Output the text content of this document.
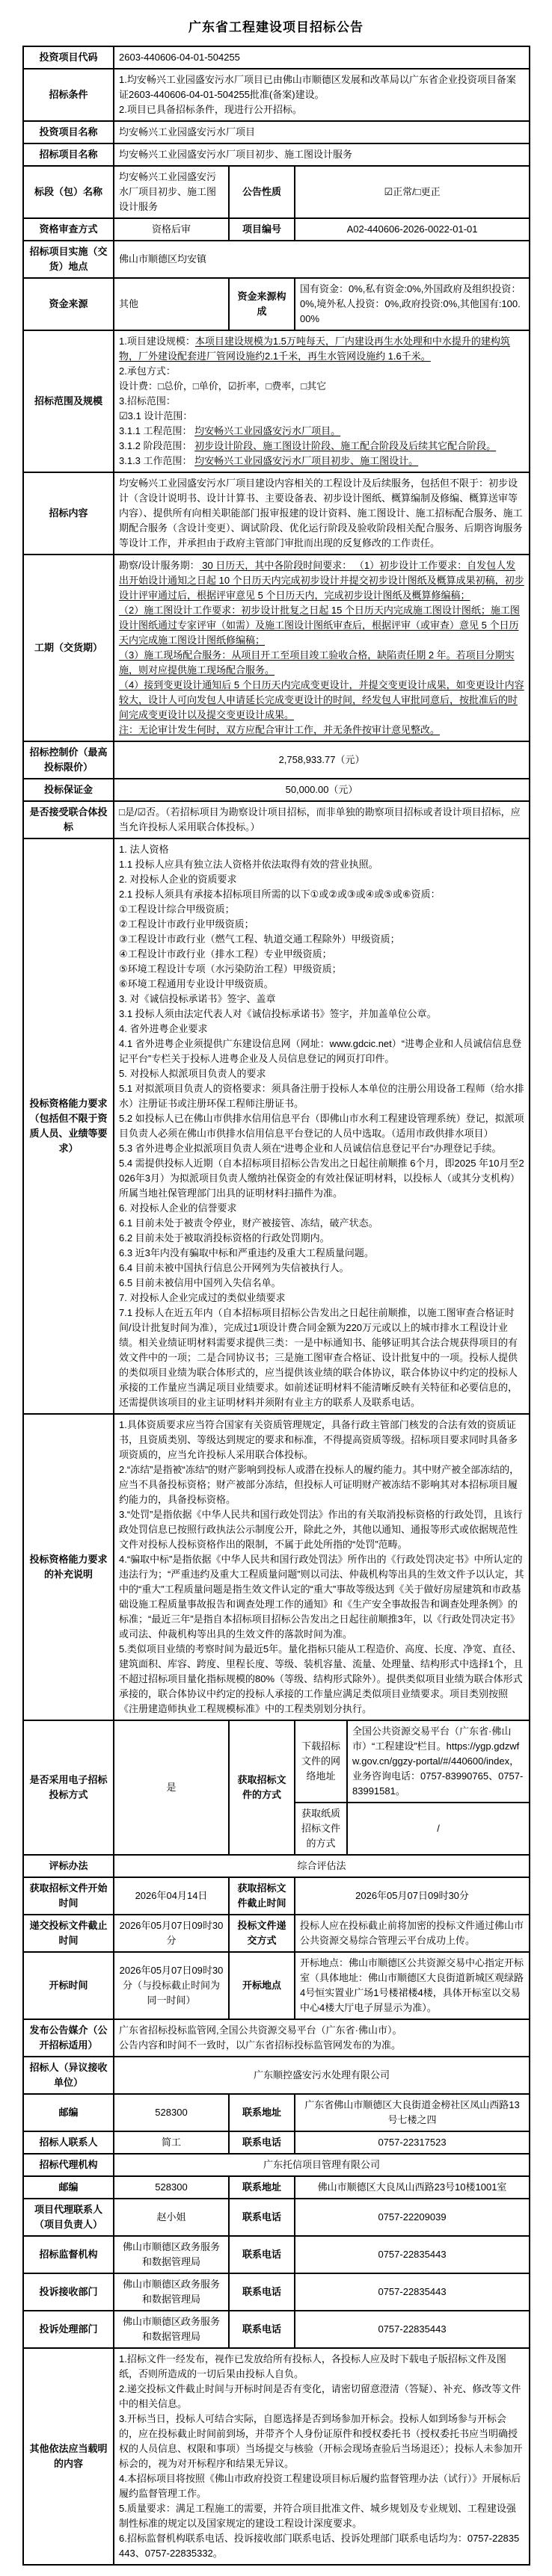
广东省工程建设项目招标公告
投资项目代码	2603-440606-04-01-504255			
招标条件	1.均安畅兴工业园盛安污水厂项目已由佛山市顺德区发展和改革局以广东省企业投资项目备案证2603-440606-04-01-504255批准(备案)建设。
2.项目已具备招标条件，现进行公开招标。			

投资项目名称	均安畅兴工业园盛安污水厂项目			
招标项目名称	均安畅兴工业园盛安污水厂项目初步、施工图设计服务			
标段（包）名称	均安畅兴工业园盛安污水厂项目初步、施工图设计服务	公告性质	☑正常/□更正	
资格审查方式	资格后审	项目编号	A02-440606-2026-0022-01-01	
招标项目实施（交货）地点	佛山市顺德区均安镇			
资金来源	其他	资金来源构成	国有资金：0%,私有资金:0%,外国政府及组织投资：0%,境外私人投资：0%,政府投资:0%,其他国有:100.00%	
招标范围及规模	
1.项目建设规模：本项目建设规模为1.5万吨每天，厂内建设再生水处理和中水提升的建构筑物，厂外建设配套进厂管网设施约2.1千米，再生水管网设施约 1.6千米。
2.承包方式：
设计费：□总价，□单价，☑折率，□费率，□其它
3.招标范围：
☑3.1 设计范围：
3.1.1 工程范围： 均安畅兴工业园盛安污水厂项目。
3.1.2 阶段范围： 初步设计阶段、施工图设计阶段、施工配合阶段及后续其它配合阶段。
3.1.3 工作范围： 均安畅兴工业园盛安污水厂项目初步、施工图设计。

招标内容	均安畅兴工业园盛安污水厂项目建设内容相关的工程设计及后续服务，包括但不限于：初步设计（含设计说明书、设计计算书、主要设备表、初步设计图纸、概算编制及修编、概算送审等内容）、提供所有向相关职能部门报审报建的设计资料、施工图设计、施工招标配合服务、施工期配合服务（含设计变更）、调试阶段、优化运行阶段及验收阶段相关配合服务、后期咨询服务等设计工作，并承担由于政府主管部门审批而出现的反复修改的工作责任。			

工期（交货期）	勘察/设计服务期： 30 日历天，其中各阶段时间要求： （1）初步设计工作要求：自发包人发出开始设计通知之日起 10 个日历天内完成初步设计并提交初步设计图纸及概算成果初稿，初步设计评审通过后，根据评审意见 5 个日历天内，完成初步设计图纸及概算修编稿；
（2）施工图设计工作要求：初步设计批复之日起 15 个日历天内完成施工图设计图纸；施工图设计图纸通过专家评审（如需）及施工图设计图纸审查后，根据评审（或审查）意见 5 个日历天内完成施工图设计图纸修编稿；
（3）施工现场配合服务：从项目开工至项目竣工验收合格，缺陷责任期 2 年。若项目分期实施，则对应提供施工现场配合服务。
（4）接到变更设计通知后 5 个日历天内完成变更设计，并提交变更设计成果，如变更设计内容较大，设计人可向发包人申请延长完成变更设计的时间，经发包人审批同意后，按批准后的时间完成变更设计以及提交变更设计成果。
注：无论审计发生何时，双方应配合审计工作，并无条件按审计意见整改。			

招标控制价（最高投标限价）	2,758,933.77（元）			
投标保证金	50,000.00（元）			
是否接受联合体投标	□是/☑否。（若招标项目为勘察设计项目招标，而非单独的勘察项目招标或者设计项目招标，应当允许投标人采用联合体投标。）			
投标资格能力要求（包括但不限于资质人员、业绩等要求）	
1. 法人资格
1.1 投标人应具有独立法人资格并依法取得有效的营业执照。
2. 对投标人企业的资质要求
2.1 投标人须具有承接本招标项目所需的以下①或②或③或④或⑤或⑥资质：
①工程设计综合甲级资质；
②工程设计市政行业甲级资质；
③工程设计市政行业（燃气工程、轨道交通工程除外）甲级资质；
④工程设计市政行业（排水工程）专业甲级资质；
⑤环境工程设计专项（水污染防治工程）甲级资质；
⑥环境工程通用专业设计甲级资质。
3. 对《诚信投标承诺书》签字、盖章
3.1 投标人须由法定代表人对《诚信投标承诺书》签字，并加盖单位公章。
4. 省外进粤企业要求
4.1 省外进粤企业须提供广东建设信息网（网址：www.gdcic.net）“进粤企业和人员诚信信息登记平台”专栏关于投标人进粤企业及人员信息登记的网页打印件。
5. 对投标人拟派项目负责人的要求
5.1 对拟派项目负责人的资格要求：须具备注册于投标人本单位的注册公用设备工程师（给水排水）注册证书或注册环保工程师注册证书。
5.2 如投标人已在佛山市供排水信用信息平台（即佛山市水利工程建设管理系统）登记，拟派项目负责人必须在佛山市供排水信用信息平台登记的人员中选取。（适用市政供排水项目）
5.3 省外进粤企业拟派项目负责人须在“进粤企业和人员诚信信息登记平台”办理登记手续。
5.4 需提供投标人近期（自本招标项目招标公告发出之日起往前顺推 6个月，即2025 年10月至2026年3月）为拟派项目负责人缴纳社保资金的有效社保证明材料，以投标人（或其分支机构）所属当地社保管理部门出具的证明材料扫描件为准。
6. 对投标人企业的信誉要求
6.1 目前未处于被责令停业，财产被接管、冻结，破产状态。
6.2 目前未处于被取消投标资格的行政处罚期内。
6.3 近3年内没有骗取中标和严重违约及重大工程质量问题。
6.4 目前未被中国执行信息公开网列为失信被执行人。
6.5 目前未被信用中国列入失信名单。
7. 对投标人企业完成过的类似业绩要求
7.1 投标人在近五年内（自本招标项目招标公告发出之日起往前顺推，以施工图审查合格证时间/设计批复时间为准），完成过1项设计费合同金额为220万元或以上的城市排水工程设计业绩。相关业绩证明材料需要求提供三类：一是中标通知书、能够证明其合法合规获得项目的有效文件中的一项；二是合同协议书；三是施工图审查合格证、设计批复中的一项。投标人提供的类似项目业绩为联合体形式的，应当提供该业绩的联合体协议，联合体协议中约定的投标人承接的工作量应当满足项目业绩要求。如前述证明材料不能清晰反映有关特征和必要信息的，还需提供该项目的业主证明材料并须附有业主方的联系人及联系电话。

投标资格能力要求的补充说明	1.具体资质要求应当符合国家有关资质管理规定，具备行政主管部门核发的合法有效的资质证书，且资质类别、等级达到规定的要求和标准，不得提高资质等级。招标项目要求同时具备多项资质的，应当允许投标人采用联合体投标。
2.“冻结”是指被“冻结”的财产影响到投标人或潜在投标人的履约能力。其中财产被全部冻结的，应当不具备投标资格；财产被部分冻结，但投标人可证明财产被冻结不影响其对本招标项目履约能力的，具备投标资格。
3.“处罚”是指依据《中华人民共和国行政处罚法》作出的有关取消投标资格的行政处罚，且该行政处罚信息已按照行政执法公示制度公开，除此之外，其他以通知、通报等形式或依据规范性文件对投标人投标资格作出的限制，不属于此处所指的“处罚”范畴。
4.“骗取中标”是指依据《中华人民共和国行政处罚法》所作出的《行政处罚决定书》中所认定的违法行为；“严重违约及重大工程质量问题”则以司法、仲裁机构等出具的生效文件予以认定，其中的“重大”工程质量问题是指生效文件认定的“重大”事故等级达到《关于做好房屋建筑和市政基础设施工程质量事故报告和调查处理工作的通知》和《生产安全事故报告和调查处理条例》的标准；“最近三年”是指自本招标项目招标公告发出之日起往前顺推3年，以《行政处罚决定书》或司法、仲裁机构等出具的生效文件的落款时间为准。
5.类似项目业绩的考察时间为最近5年。量化指标只能从工程造价、高度、长度、净宽、直径、建筑面积、库容、跨度、里程长度、等级、装机容量、流量、处理量、结构形式中选择1个，且不超过招标项目量化指标规模的80%（等级、结构形式除外）。提供类似项目业绩为联合体形式承接的，联合体协议中约定的投标人承接的工作量应满足类似项目业绩要求。项目类别按照《注册建造师执业工程规模标准》中的工程类别划分执行。			

是否采用电子招标投标方式	是	获取招标文件的方式	下载招标文件的网络地址	全国公共资源交易平台（广东省·佛山市）“工程建设”栏目。https://ygp.gdzwfw.gov.cn/ggzy-portal/#/440600/index，业务咨询电话：0757-83990765、0757-83991581。
			获取纸质招标文件的方式	/
评标办法	综合评估法			
获取招标文件开始时间	2026年04月14日	获取招标文件截止时间	2026年05月07日09时30分	
递交投标文件截止时间	2026年05月07日09时30分	投标文件递交方式	投标人应在投标截止前将加密的投标文件通过佛山市公共资源交易综合管理云平台成功上传。	
开标时间	2026年05月07日09时30分（与投标截止时间为同一时间）	开标地点	开标地点：佛山市顺德区公共资源交易中心指定开标室（具体地址：佛山市顺德区大良街道新城区观绿路4号恒实置业广场1号楼裙楼4楼，具体开标室以交易中心4楼大厅电子屏显示为准）。	
发布公告媒介（公开招标适用）	广东省招标投标监管网,全国公共资源交易平台（广东省·佛山市）。
公告内容和时间不一致时，以广东省招标投标监管网发布的为准。			

招标人（异议接收单位）	广东顺控盛安污水处理有限公司			
邮编	528300	联系地址	广东省佛山市顺德区大良街道金榜社区凤山西路13号七楼之四	
招标人联系人	简工	联系电话	0757-22317523	
招标代理机构	广东托信项目管理有限公司			
邮编	528300	联系地址	佛山市顺德区大良凤山西路23号10楼1001室	
项目代理联系人（项目负责人）	赵小姐	联系电话	0757-22209039	
招标监督机构	佛山市顺德区政务服务和数据管理局	联系电话	0757-22835443	
投诉接收部门	佛山市顺德区政务服务和数据管理局	联系电话	0757-22835443	
投诉处理部门	佛山市顺德区政务服务和数据管理局	联系电话	0757-22835443	
其他依法应当载明的内容	
1.招标文件一经发布，视作已发放给所有投标人，各投标人应及时下载电子版招标文件及图纸，否则所造成的一切后果由投标人自负。
2.递交投标文件截止时间与开标时间是否有变化，请密切留意澄清（答疑）、补充、修改等文件中的相关信息。
3.开标当日，投标人可结合实际，自愿选择是否到场参加开标会。投标人如到场参与开标会的，应在投标截止时间前到场，并带齐个人身份证原件和授权委托书（授权委托书应当明确授权的人员信息、权限和事项）当场提交与核验（开标会现场查验后当场退还）；投标人未参加开标会的，视为对开标程序和结果无异议。
4.本招标项目将按照《佛山市政府投资工程建设项目标后履约监督管理办法（试行）》开展标后履约监督管理工作。
5.质量要求：满足工程施工的需要，并符合项目批准文件、城乡规划及专业规划、工程建设强制性标准的规定以及国家规定的建设工程设计深度要求。
6.招标监督机构联系电话、投诉接收部门联系电话、投诉处理部门联系电话均为：0757-22835443、0757-22835332。
